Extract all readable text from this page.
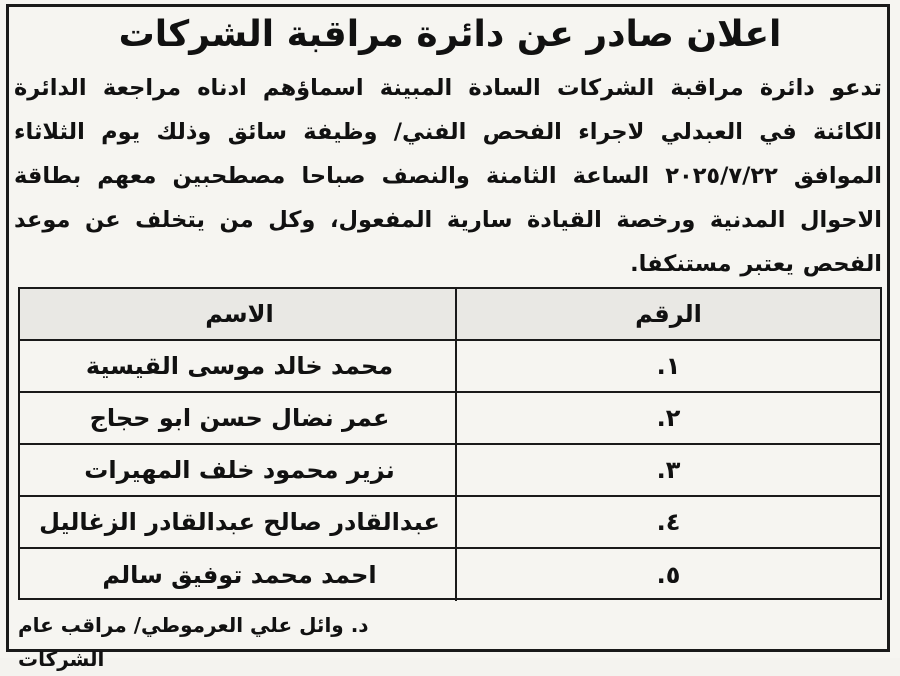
اعلان صادر عن دائرة مراقبة الشركات
تدعو دائرة مراقبة الشركات السادة المبينة اسماؤهم ادناه مراجعة الدائرة الكائنة في العبدلي لاجراء الفحص الفني/ وظيفة سائق وذلك يوم الثلاثاء الموافق ٢٠٢٥/٧/٢٢ الساعة الثامنة والنصف صباحا مصطحبين معهم بطاقة الاحوال المدنية ورخصة القيادة سارية المفعول، وكل من يتخلف عن موعد الفحص يعتبر مستنكفا.
الرقم
الاسم
١.
محمد خالد موسى القيسية
٢.
عمر نضال حسن ابو حجاج
٣.
نزير محمود خلف المهيرات
٤.
عبدالقادر صالح عبدالقادر الزغاليل
٥.
احمد محمد توفيق سالم
د. وائل علي العرموطي/ مراقب عام الشركات
